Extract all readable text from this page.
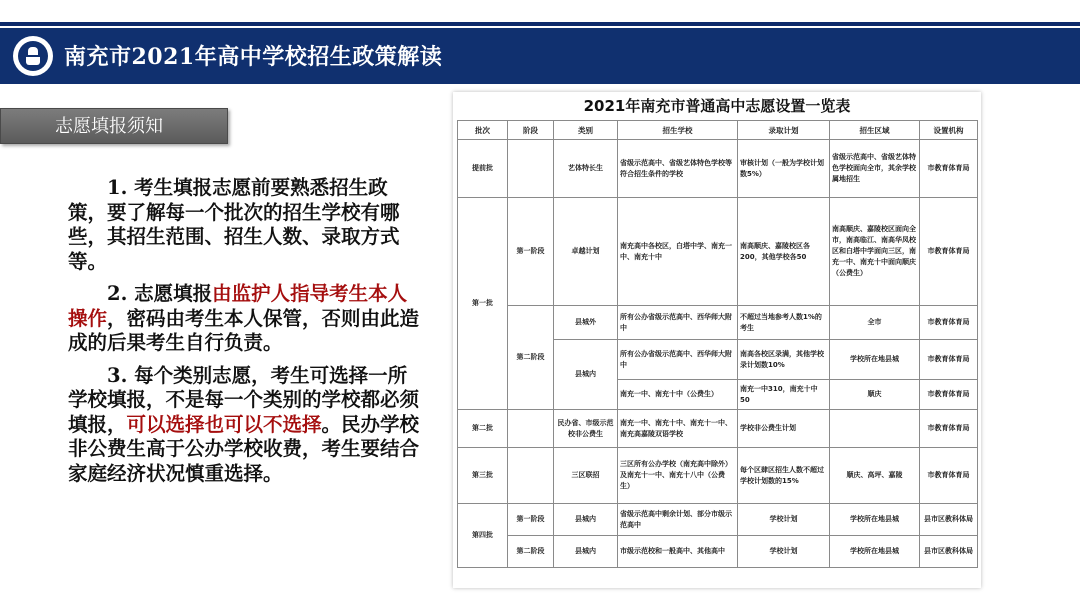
南充市2021年高中学校招生政策解读
志愿填报须知

1. 考生填报志愿前要熟悉招生政策，要了解每一个批次的招生学校有哪些，其招生范围、招生人数、录取方式等。

2. 志愿填报由监护人指导考生本人操作，密码由考生本人保管，否则由此造成的后果考生自行负责。

3. 每个类别志愿，考生可选择一所学校填报，不是每一个类别的学校都必须填报，可以选择也可以不选择。民办学校非公费生高于公办学校收费，考生要结合家庭经济状况慎重选择。

2021年南充市普通高中志愿设置一览表
批次	阶段	类别	招生学校	录取计划	招生区域	设置机构
提前批		艺体特长生	省级示范高中、省级艺体特色学校等符合招生条件的学校	审核计划（一般为学校计划数5%）	省级示范高中、省级艺体特色学校面向全市，其余学校属地招生	市教育体育局
第一批	第一阶段	卓越计划	南充高中各校区，白塔中学、南充一中、南充十中	南高顺庆、嘉陵校区各200，其他学校各50	南高顺庆、嘉陵校区面向全市，南高临江、南高华凤校区和白塔中学面向三区，南充一中、南充十中面向顺庆（公费生）	市教育体育局
	第二阶段	县城外	所有公办省级示范高中、西华师大附中	不超过当地参考人数1%的考生	全市	市教育体育局
		县城内	所有公办省级示范高中、西华师大附中	南高各校区录满，其他学校录计划数10%	学校所在地县城	市教育体育局
			南充一中、南充十中（公费生）	南充一中310，南充十中50	顺庆	市教育体育局
第二批		民办省、市级示范校非公费生	南充一中、南充十中、南充十一中、南充高嘉陵双语学校	学校非公费生计划		市教育体育局
第三批		三区联招	三区所有公办学校（南充高中除外）及南充十一中、南充十八中（公费生）	每个区肆区招生人数不超过学校计划数的15%	顺庆、高坪、嘉陵	市教育体育局
第四批	第一阶段	县城内	省级示范高中剩余计划、部分市级示范高中	学校计划	学校所在地县城	县市区教科体局
	第二阶段	县城内	市级示范校和一般高中、其他高中	学校计划	学校所在地县城	县市区教科体局
